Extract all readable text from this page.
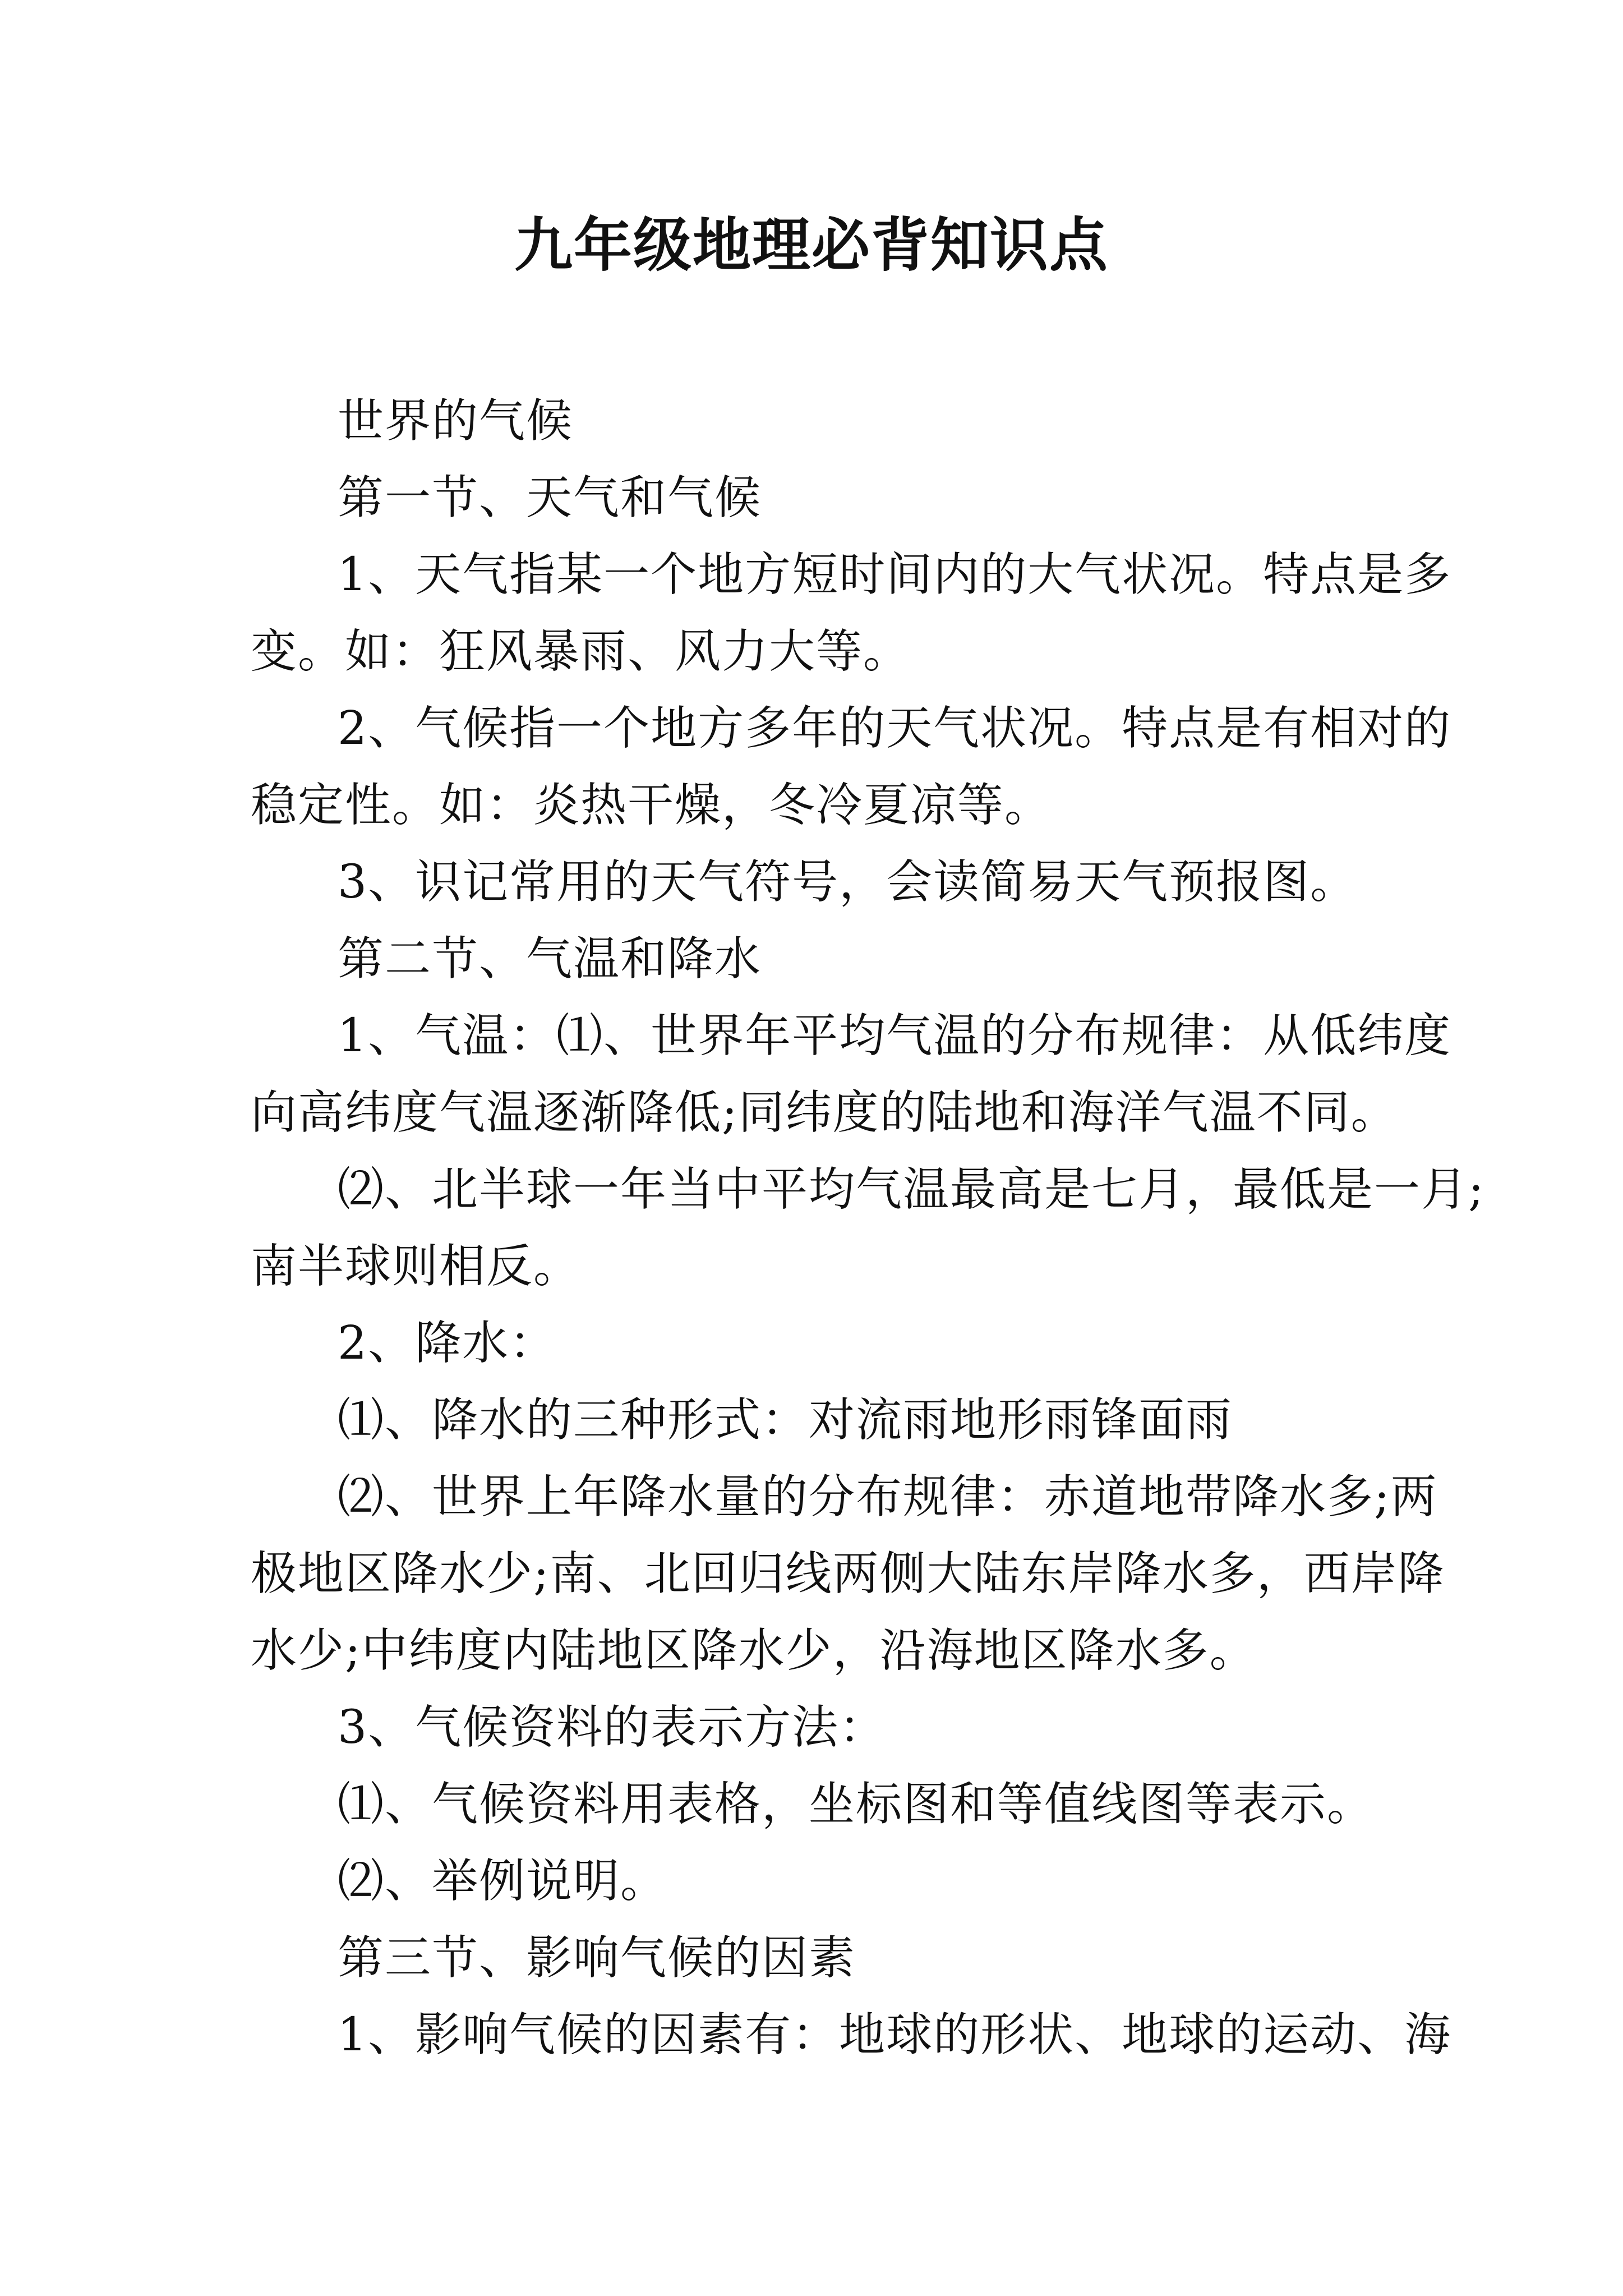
九年级地理必背知识点
世界的气候
第一节、天气和气候
1、天气指某一个地方短时间内的大气状况。特点是多
变。如：狂风暴雨、风力大等。
2、气候指一个地方多年的天气状况。特点是有相对的
稳定性。如：炎热干燥，冬冷夏凉等。
3、识记常用的天气符号，会读简易天气预报图。
第二节、气温和降水
1、气温：⑴、世界年平均气温的分布规律：从低纬度
向高纬度气温逐渐降低;同纬度的陆地和海洋气温不同。
⑵、北半球一年当中平均气温最高是七月，最低是一月;
南半球则相反。
2、降水：
⑴、降水的三种形式：对流雨地形雨锋面雨
⑵、世界上年降水量的分布规律：赤道地带降水多;两
极地区降水少;南、北回归线两侧大陆东岸降水多，西岸降
水少;中纬度内陆地区降水少，沿海地区降水多。
3、气候资料的表示方法：
⑴、气候资料用表格，坐标图和等值线图等表示。
⑵、举例说明。
第三节、影响气候的因素
1、影响气候的因素有：地球的形状、地球的运动、海
